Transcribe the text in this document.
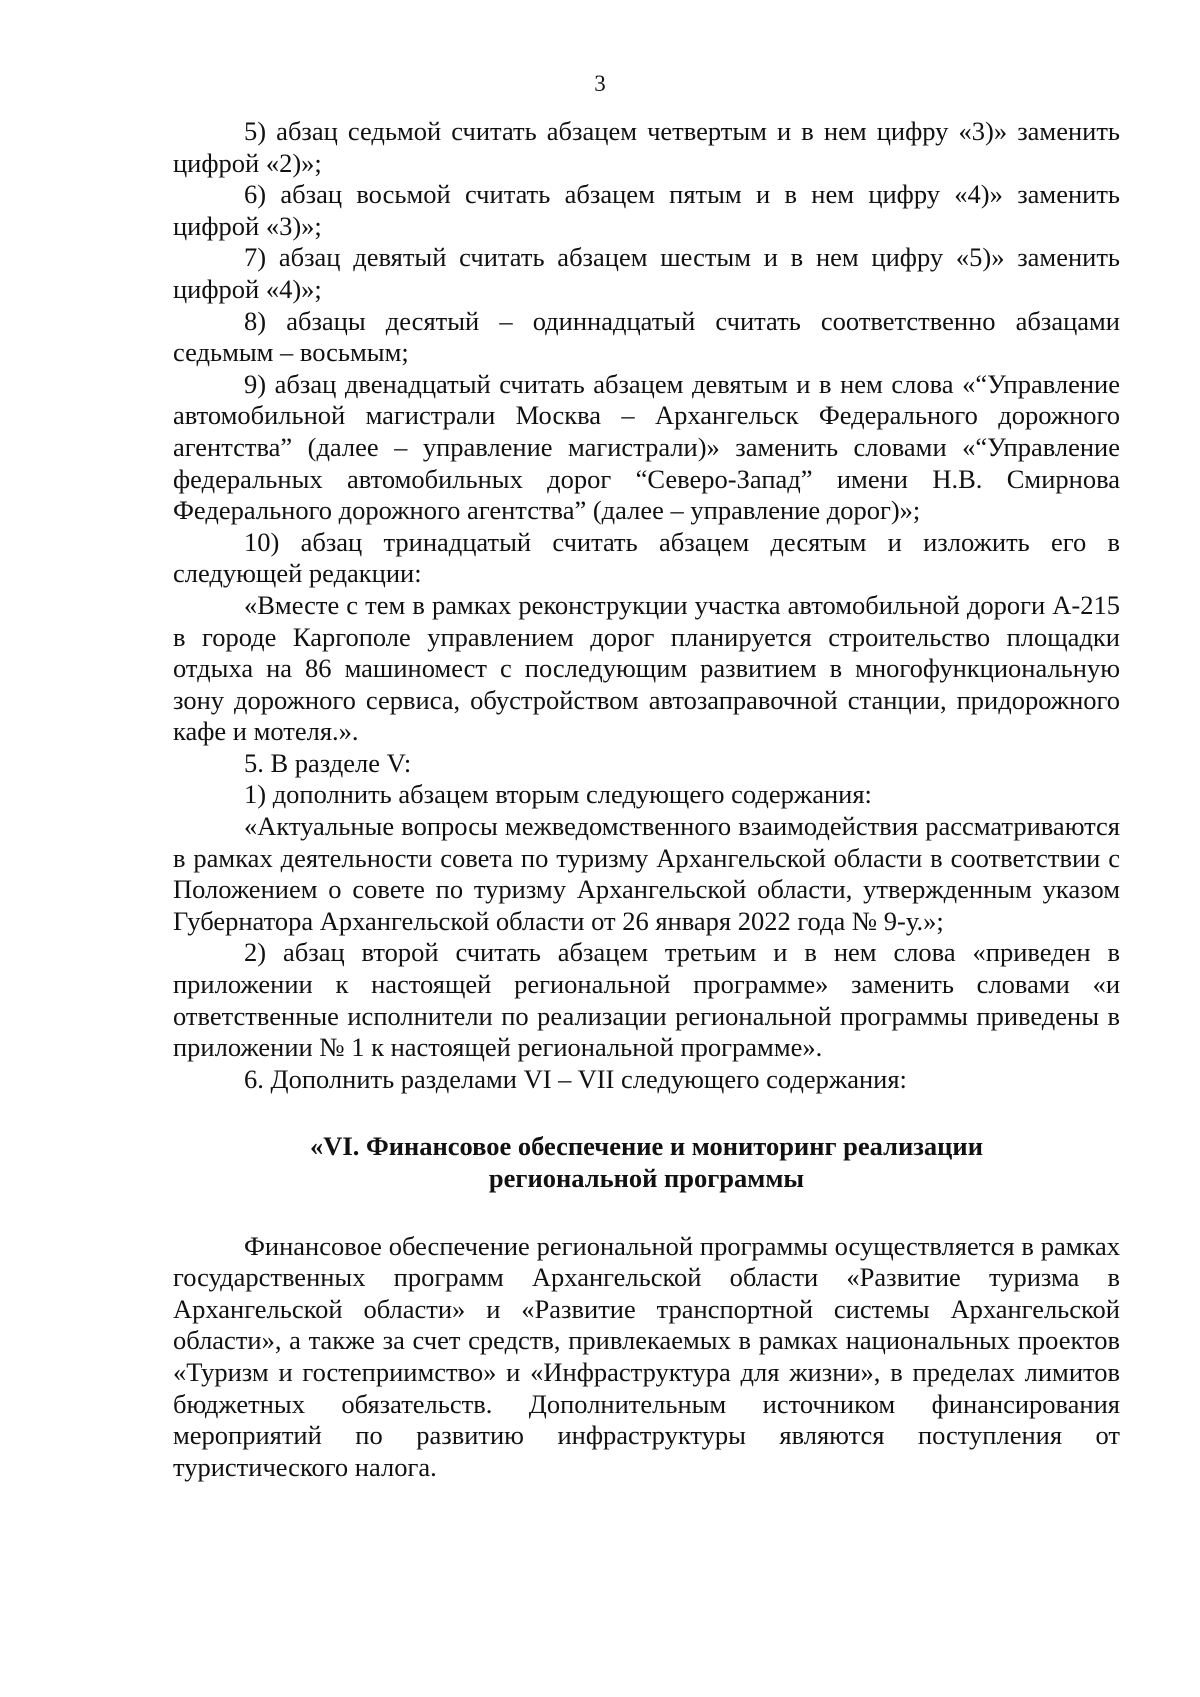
3

5) абзац седьмой считать абзацем четвертым и в нем цифру «3)» заменить цифрой «2)»;

6) абзац восьмой считать абзацем пятым и в нем цифру «4)» заменить цифрой «3)»;

7) абзац девятый считать абзацем шестым и в нем цифру «5)» заменить цифрой «4)»;

8) абзацы десятый – одиннадцатый считать соответственно абзацами седьмым – восьмым;

9) абзац двенадцатый считать абзацем девятым и в нем слова «“Управление автомобильной магистрали Москва – Архангельск Федерального дорожного агентства” (далее – управление магистрали)» заменить словами «“Управление федеральных автомобильных дорог “Северо-Запад” имени Н.В. Смирнова Федерального дорожного агентства” (далее – управление дорог)»;

10) абзац тринадцатый считать абзацем десятым и изложить его в следующей редакции:

«Вместе с тем в рамках реконструкции участка автомобильной дороги А-215 в городе Каргополе управлением дорог планируется строительство площадки отдыха на 86 машиномест с последующим развитием в многофункциональную зону дорожного сервиса, обустройством автозаправочной станции, придорожного кафе и мотеля.».

5. В разделе V:

1) дополнить абзацем вторым следующего содержания:

«Актуальные вопросы межведомственного взаимодействия рассматриваются в рамках деятельности совета по туризму Архангельской области в соответствии с Положением о совете по туризму Архангельской области, утвержденным указом Губернатора Архангельской области от 26 января 2022 года № 9-у.»;

2) абзац второй считать абзацем третьим и в нем слова «приведен в приложении к настоящей региональной программе» заменить словами «и ответственные исполнители по реализации региональной программы приведены в приложении № 1 к настоящей региональной программе».

6. Дополнить разделами VI – VII следующего содержания:

«VI. Финансовое обеспечение и мониторинг реализации
региональной программы

Финансовое обеспечение региональной программы осуществляется в рамках государственных программ Архангельской области «Развитие туризма в Архангельской области» и «Развитие транспортной системы Архангельской области», а также за счет средств, привлекаемых в рамках национальных проектов «Туризм и гостеприимство» и «Инфраструктура для жизни», в пределах лимитов бюджетных обязательств. Дополнительным источником финансирования мероприятий по развитию инфраструктуры являются поступления от туристического налога.
